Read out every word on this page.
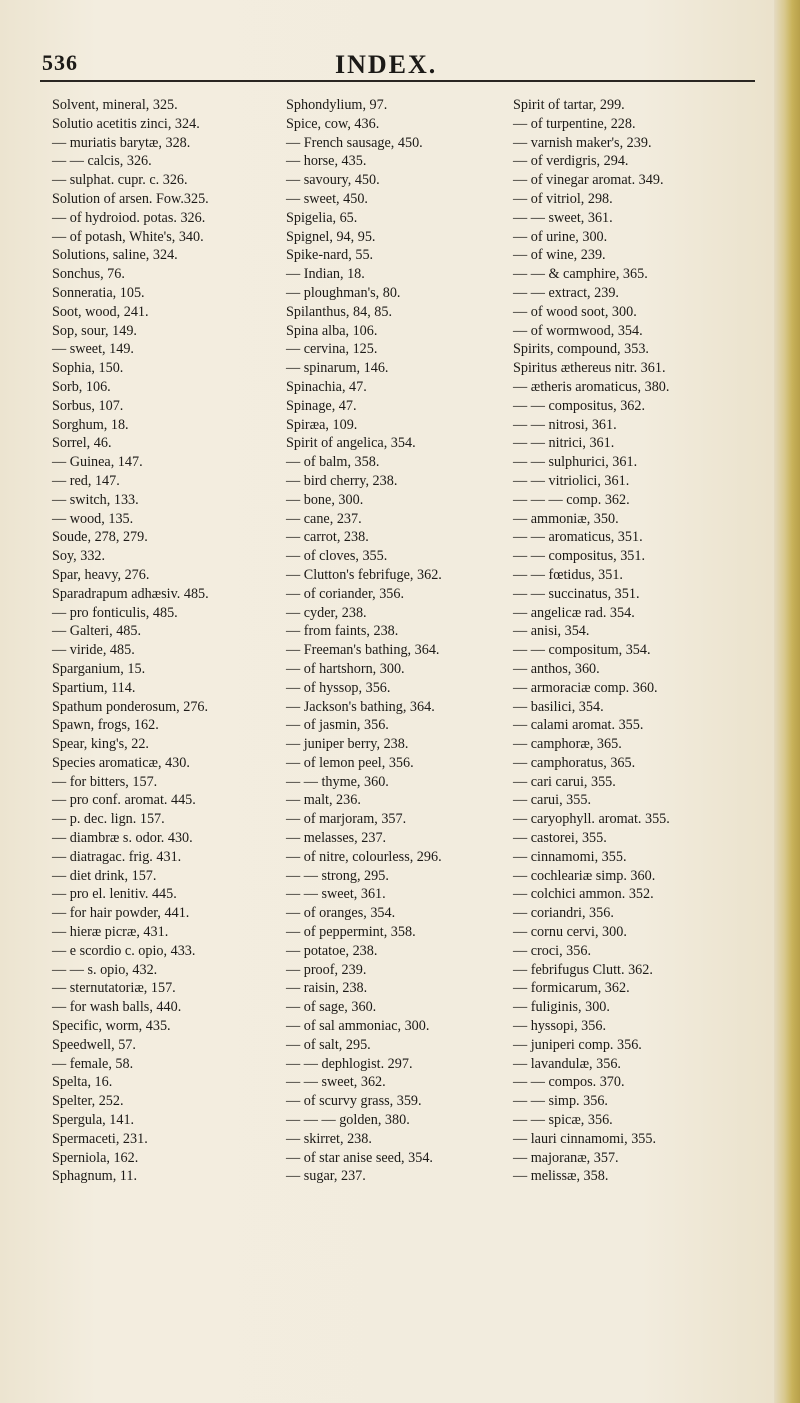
536	INDEX.
Solvent, mineral, 325.
Solutio acetitis zinci, 324.
— muriatis barytæ, 328.
— — calcis, 326.
— sulphat. cupr. c. 326.
Solution of arsen. Fow.325.
— of hydroiod. potas. 326.
— of potash, White's, 340.
Solutions, saline, 324.
Sonchus, 76.
Sonneratia, 105.
Soot, wood, 241.
Sop, sour, 149.
— sweet, 149.
Sophia, 150.
Sorb, 106.
Sorbus, 107.
Sorghum, 18.
Sorrel, 46.
— Guinea, 147.
— red, 147.
— switch, 133.
— wood, 135.
Soude, 278, 279.
Soy, 332.
Spar, heavy, 276.
Sparadrapum adhæsiv. 485.
— pro fonticulis, 485.
— Galteri, 485.
— viride, 485.
Sparganium, 15.
Spartium, 114.
Spathum ponderosum, 276.
Spawn, frogs, 162.
Spear, king's, 22.
Species aromaticæ, 430.
— for bitters, 157.
— pro conf. aromat. 445.
— p. dec. lign. 157.
— diambræ s. odor. 430.
— diatragac. frig. 431.
— diet drink, 157.
— pro el. lenitiv. 445.
— for hair powder, 441.
— hieræ picræ, 431.
— e scordio c. opio, 433.
— — s. opio, 432.
— sternutatoriæ, 157.
— for wash balls, 440.
Specific, worm, 435.
Speedwell, 57.
— female, 58.
Spelta, 16.
Spelter, 252.
Spergula, 141.
Spermaceti, 231.
Sperniola, 162.
Sphagnum, 11.
Sphondylium, 97.
Spice, cow, 436.
— French sausage, 450.
— horse, 435.
— savoury, 450.
— sweet, 450.
Spigelia, 65.
Spignel, 94, 95.
Spike-nard, 55.
— Indian, 18.
— ploughman's, 80.
Spilanthus, 84, 85.
Spina alba, 106.
— cervina, 125.
— spinarum, 146.
Spinachia, 47.
Spinage, 47.
Spiræa, 109.
Spirit of angelica, 354.
— of balm, 358.
— bird cherry, 238.
— bone, 300.
— cane, 237.
— carrot, 238.
— of cloves, 355.
— Clutton's febrifuge, 362.
— of coriander, 356.
— cyder, 238.
— from faints, 238.
— Freeman's bathing, 364.
— of hartshorn, 300.
— of hyssop, 356.
— Jackson's bathing, 364.
— of jasmin, 356.
— juniper berry, 238.
— of lemon peel, 356.
— — thyme, 360.
— malt, 236.
— of marjoram, 357.
— melasses, 237.
— of nitre, colourless, 296.
— — strong, 295.
— — sweet, 361.
— of oranges, 354.
— of peppermint, 358.
— potatoe, 238.
— proof, 239.
— raisin, 238.
— of sage, 360.
— of sal ammoniac, 300.
— of salt, 295.
— — dephlogist. 297.
— — sweet, 362.
— of scurvy grass, 359.
— — — golden, 380.
— skirret, 238.
— of star anise seed, 354.
— sugar, 237.
Spirit of tartar, 299.
— of turpentine, 228.
— varnish maker's, 239.
— of verdigris, 294.
— of vinegar aromat. 349.
— of vitriol, 298.
— — sweet, 361.
— of urine, 300.
— of wine, 239.
— — & camphire, 365.
— — extract, 239.
— of wood soot, 300.
— of wormwood, 354.
Spirits, compound, 353.
Spiritus æthereus nitr. 361.
— ætheris aromaticus, 380.
— — compositus, 362.
— — nitrosi, 361.
— — nitrici, 361.
— — sulphurici, 361.
— — vitriolici, 361.
— — — comp. 362.
— ammoniæ, 350.
— — aromaticus, 351.
— — compositus, 351.
— — fœtidus, 351.
— — succinatus, 351.
— angelicæ rad. 354.
— anisi, 354.
— — compositum, 354.
— anthos, 360.
— armoraciæ comp. 360.
— basilici, 354.
— calami aromat. 355.
— camphoræ, 365.
— camphoratus, 365.
— cari carui, 355.
— carui, 355.
— caryophyll. aromat. 355.
— castorei, 355.
— cinnamomi, 355.
— cochleariæ simp. 360.
— colchici ammon. 352.
— coriandri, 356.
— cornu cervi, 300.
— croci, 356.
— febrifugus Clutt. 362.
— formicarum, 362.
— fuliginis, 300.
— hyssopi, 356.
— juniperi comp. 356.
— lavandulæ, 356.
— — compos. 370.
— — simp. 356.
— — spicæ, 356.
— lauri cinnamomi, 355.
— majoranæ, 357.
— melissæ, 358.
